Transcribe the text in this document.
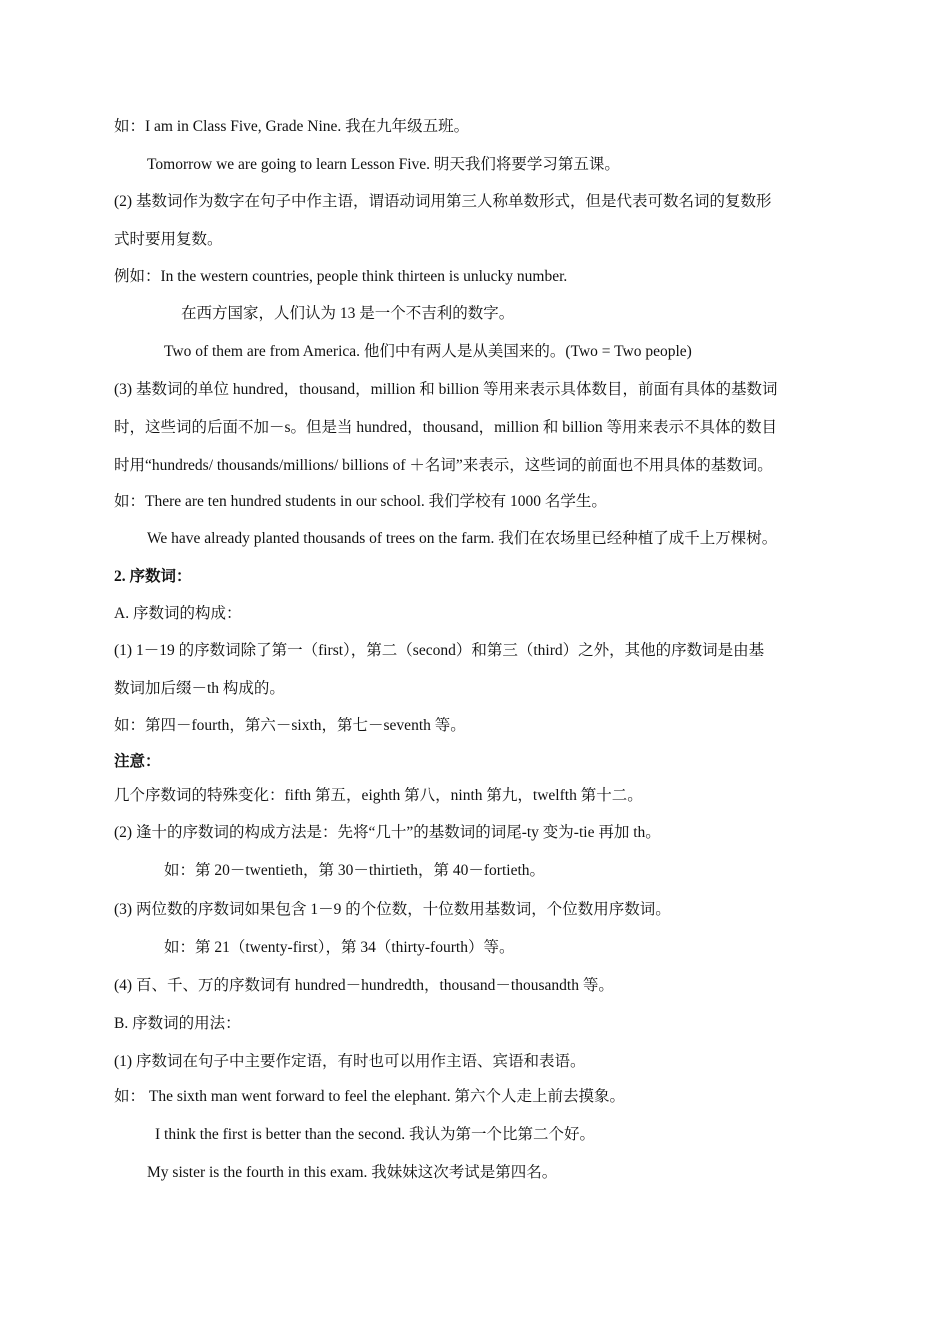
如：I am in Class Five, Grade Nine. 我在九年级五班。
Tomorrow we are going to learn Lesson Five. 明天我们将要学习第五课。
(2) 基数词作为数字在句子中作主语，谓语动词用第三人称单数形式，但是代表可数名词的复数形
式时要用复数。
例如：In the western countries, people think thirteen is unlucky number.
在西方国家，人们认为 13 是一个不吉利的数字。
Two of them are from America. 他们中有两人是从美国来的。(Two = Two people)
(3) 基数词的单位 hundred，thousand，million 和 billion 等用来表示具体数目，前面有具体的基数词
时，这些词的后面不加－s。但是当 hundred，thousand，million 和 billion 等用来表示不具体的数目
时用“hundreds/ thousands/millions/ billions of ＋名词”来表示，这些词的前面也不用具体的基数词。
如：There are ten hundred students in our school. 我们学校有 1000 名学生。
We have already planted thousands of trees on the farm. 我们在农场里已经种植了成千上万棵树。
2. 序数词：
A. 序数词的构成：
(1) 1－19 的序数词除了第一（first），第二（second）和第三（third）之外，其他的序数词是由基
数词加后缀－th 构成的。
如：第四－fourth，第六－sixth，第七－seventh 等。
注意：
几个序数词的特殊变化：fifth 第五，eighth 第八，ninth 第九，twelfth 第十二。
(2) 逢十的序数词的构成方法是：先将“几十”的基数词的词尾-ty 变为-tie 再加 th。
如：第 20－twentieth，第 30－thirtieth，第 40－fortieth。
(3) 两位数的序数词如果包含 1－9 的个位数，十位数用基数词，个位数用序数词。
如：第 21（twenty-first），第 34（thirty-fourth）等。
(4) 百、千、万的序数词有 hundred－hundredth，thousand－thousandth 等。
B. 序数词的用法：
(1) 序数词在句子中主要作定语，有时也可以用作主语、宾语和表语。
如： The sixth man went forward to feel the elephant. 第六个人走上前去摸象。
I think the first is better than the second. 我认为第一个比第二个好。
My sister is the fourth in this exam. 我妹妹这次考试是第四名。
